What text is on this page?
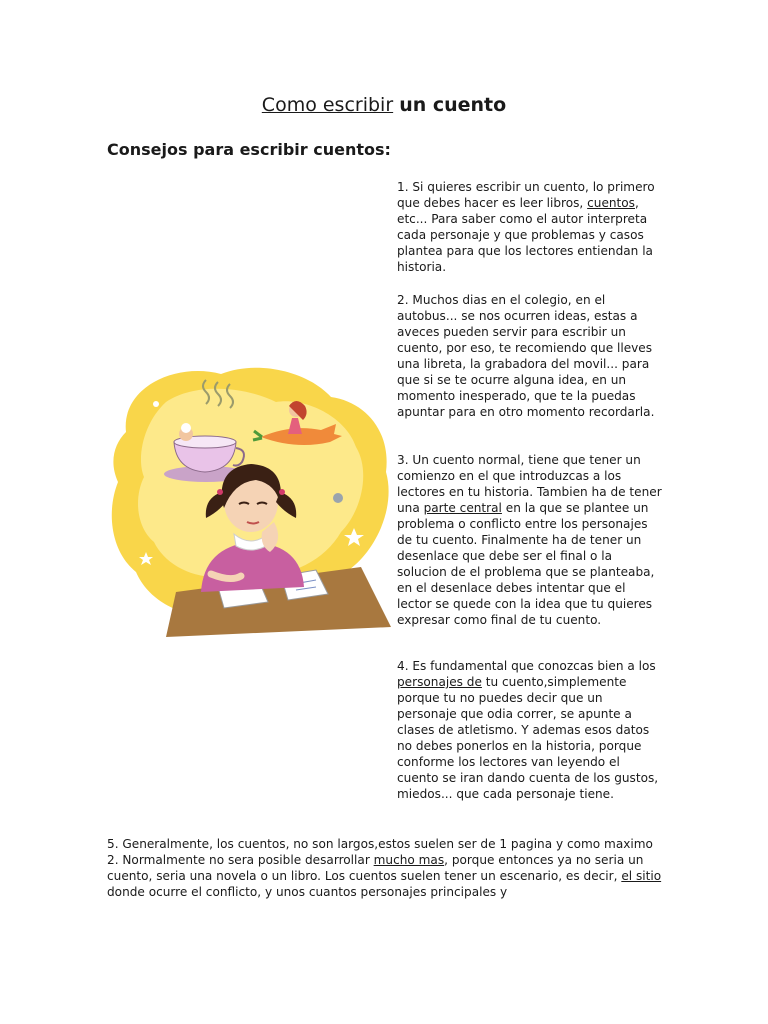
Como escribir un cuento
Consejos para escribir cuentos:

1. Si quieres escribir un cuento, lo primero que debes hacer es leer libros, cuentos, etc... Para saber como el autor interpreta cada personaje y que problemas y casos plantea para que los lectores entiendan la historia.

2. Muchos dias en el colegio, en el autobus... se nos ocurren ideas, estas a aveces pueden servir para escribir un cuento, por eso, te recomiendo que lleves una libreta, la grabadora del movil... para que si se te ocurre alguna idea, en un momento inesperado, que te la puedas apuntar para en otro momento recordarla.

3. Un cuento normal, tiene que tener un comienzo en el que introduzcas a los lectores en tu historia. Tambien ha de tener una parte central en la que se plantee un problema o conflicto entre los personajes de tu cuento. Finalmente ha de tener un desenlace que debe ser el final o la solucion de el problema que se planteaba, en el desenlace debes intentar que el lector se quede con la idea que tu quieres expresar como final de tu cuento.

4. Es fundamental que conozcas bien a los personajes de tu cuento,simplemente porque tu no puedes decir que un personaje que odia correr, se apunte a clases de atletismo. Y ademas esos datos no debes ponerlos en la historia, porque conforme los lectores van leyendo el cuento se iran dando cuenta de los gustos, miedos... que cada personaje tiene.

5. Generalmente, los cuentos, no son largos,estos suelen ser de 1 pagina y como maximo 2. Normalmente no sera posible desarrollar mucho mas, porque entonces ya no seria un cuento, seria una novela o un libro. Los cuentos suelen tener un escenario, es decir, el sitio donde ocurre el conflicto, y unos cuantos personajes principales y
